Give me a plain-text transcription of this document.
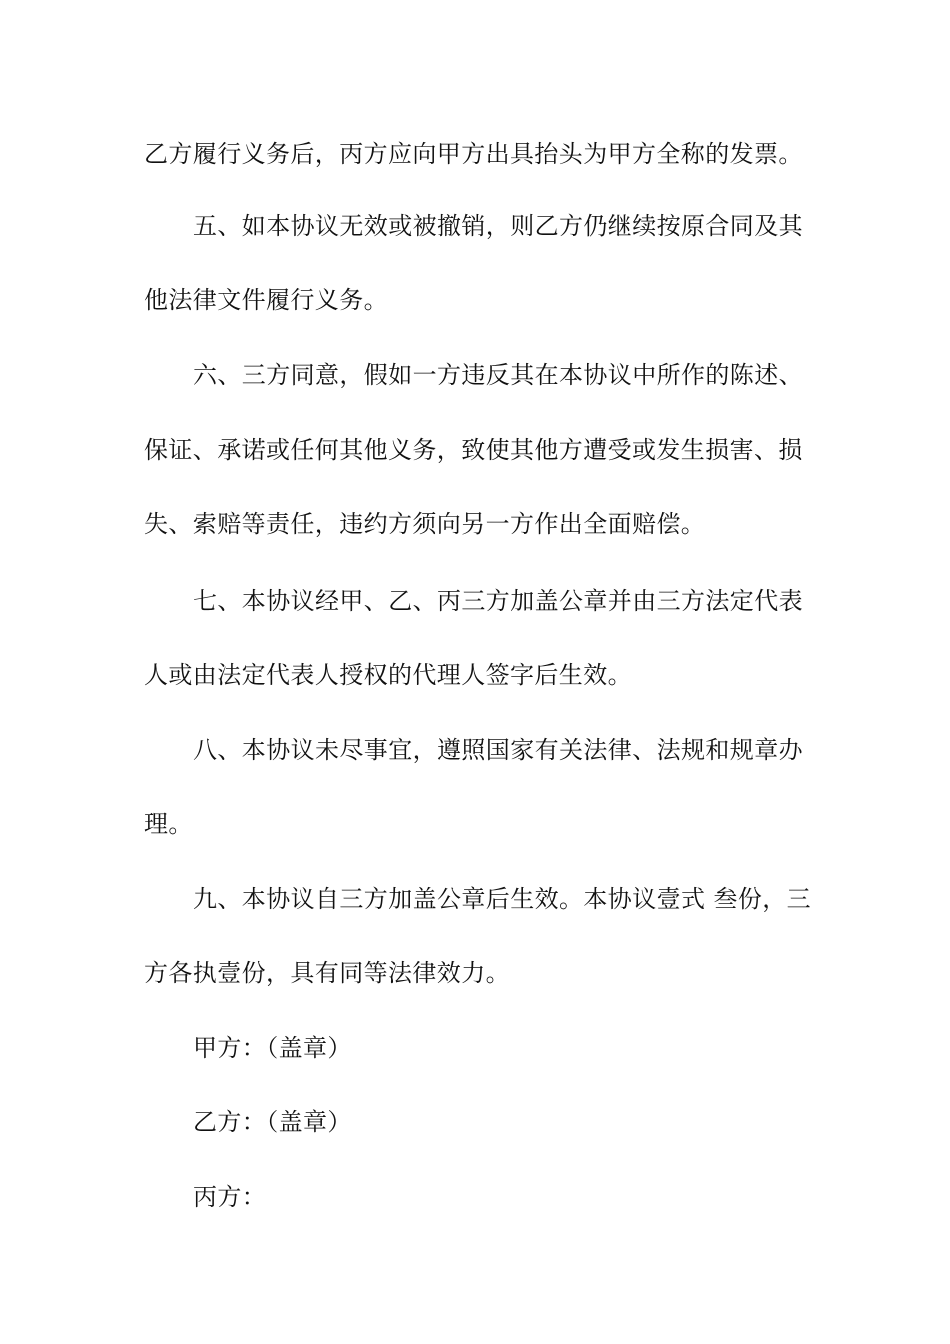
乙方履行义务后，丙方应向甲方出具抬头为甲方全称的发票。
五、如本协议无效或被撤销，则乙方仍继续按原合同及其
他法律文件履行义务。
六、三方同意，假如一方违反其在本协议中所作的陈述、
保证、承诺或任何其他义务，致使其他方遭受或发生损害、损
失、索赔等责任，违约方须向另一方作出全面赔偿。
七、本协议经甲、乙、丙三方加盖公章并由三方法定代表
人或由法定代表人授权的代理人签字后生效。
八、本协议未尽事宜，遵照国家有关法律、法规和规章办
理。
九、本协议自三方加盖公章后生效。本协议壹式 叁份，三
方各执壹份，具有同等法律效力。
甲方：（盖章）
乙方：（盖章）
丙方：
